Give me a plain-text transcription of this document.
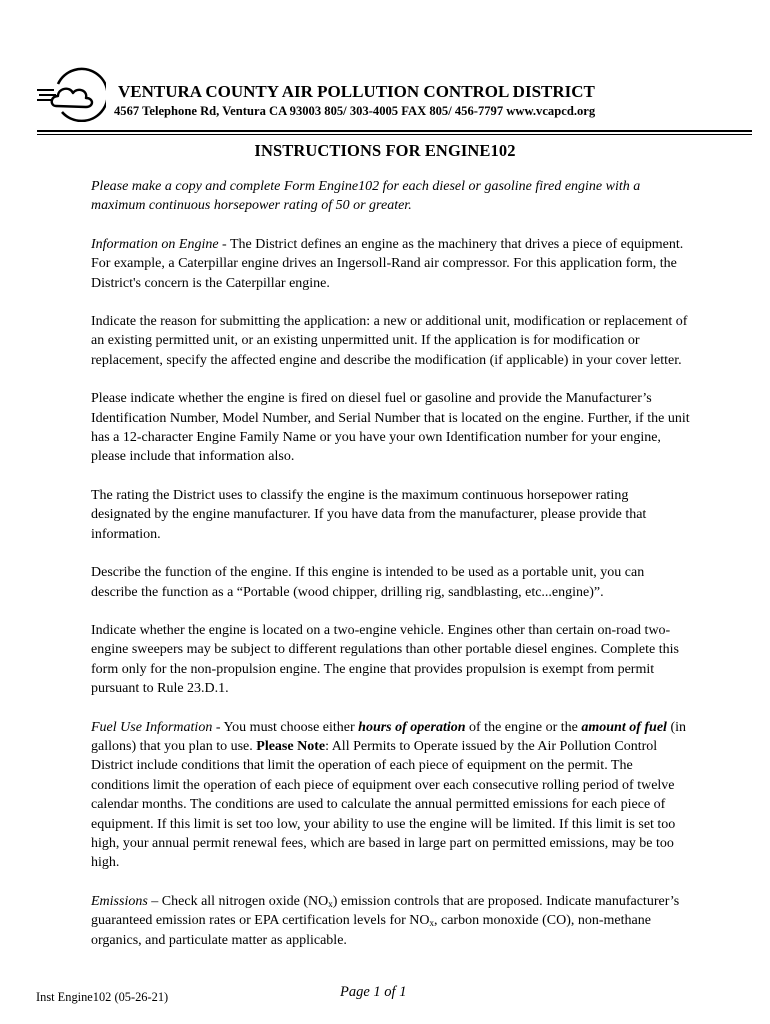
VENTURA COUNTY AIR POLLUTION CONTROL DISTRICT
4567 Telephone Rd, Ventura CA 93003 805/ 303-4005 FAX 805/ 456-7797 www.vcapcd.org
INSTRUCTIONS FOR ENGINE102

Please make a copy and complete Form Engine102 for each diesel or gasoline fired engine with a maximum continuous horsepower rating of 50 or greater.

Information on Engine - The District defines an engine as the machinery that drives a piece of equipment. For example, a Caterpillar engine drives an Ingersoll-Rand air compressor. For this application form, the District's concern is the Caterpillar engine.

Indicate the reason for submitting the application: a new or additional unit, modification or replacement of an existing permitted unit, or an existing unpermitted unit. If the application is for modification or replacement, specify the affected engine and describe the modification (if applicable) in your cover letter.

Please indicate whether the engine is fired on diesel fuel or gasoline and provide the Manufacturer’s Identification Number, Model Number, and Serial Number that is located on the engine. Further, if the unit has a 12-character Engine Family Name or you have your own Identification number for your engine, please include that information also.

The rating the District uses to classify the engine is the maximum continuous horsepower rating designated by the engine manufacturer. If you have data from the manufacturer, please provide that information.

Describe the function of the engine. If this engine is intended to be used as a portable unit, you can describe the function as a “Portable (wood chipper, drilling rig, sandblasting, etc...engine)”.

Indicate whether the engine is located on a two-engine vehicle. Engines other than certain on-road two-engine sweepers may be subject to different regulations than other portable diesel engines. Complete this form only for the non-propulsion engine. The engine that provides propulsion is exempt from permit pursuant to Rule 23.D.1.

Fuel Use Information - You must choose either hours of operation of the engine or the amount of fuel (in gallons) that you plan to use. Please Note: All Permits to Operate issued by the Air Pollution Control District include conditions that limit the operation of each piece of equipment on the permit. The conditions limit the operation of each piece of equipment over each consecutive rolling period of twelve calendar months. The conditions are used to calculate the annual permitted emissions for each piece of equipment. If this limit is set too low, your ability to use the engine will be limited. If this limit is set too high, your annual permit renewal fees, which are based in large part on permitted emissions, may be too high.

Emissions – Check all nitrogen oxide $(NO_x)$ emission controls that are proposed. Indicate manufacturer’s guaranteed emission rates or EPA certification levels for $NO_x$, carbon monoxide (CO), non-methane organics, and particulate matter as applicable.

Inst Engine102 (05-26-21)	Page 1 of 1
